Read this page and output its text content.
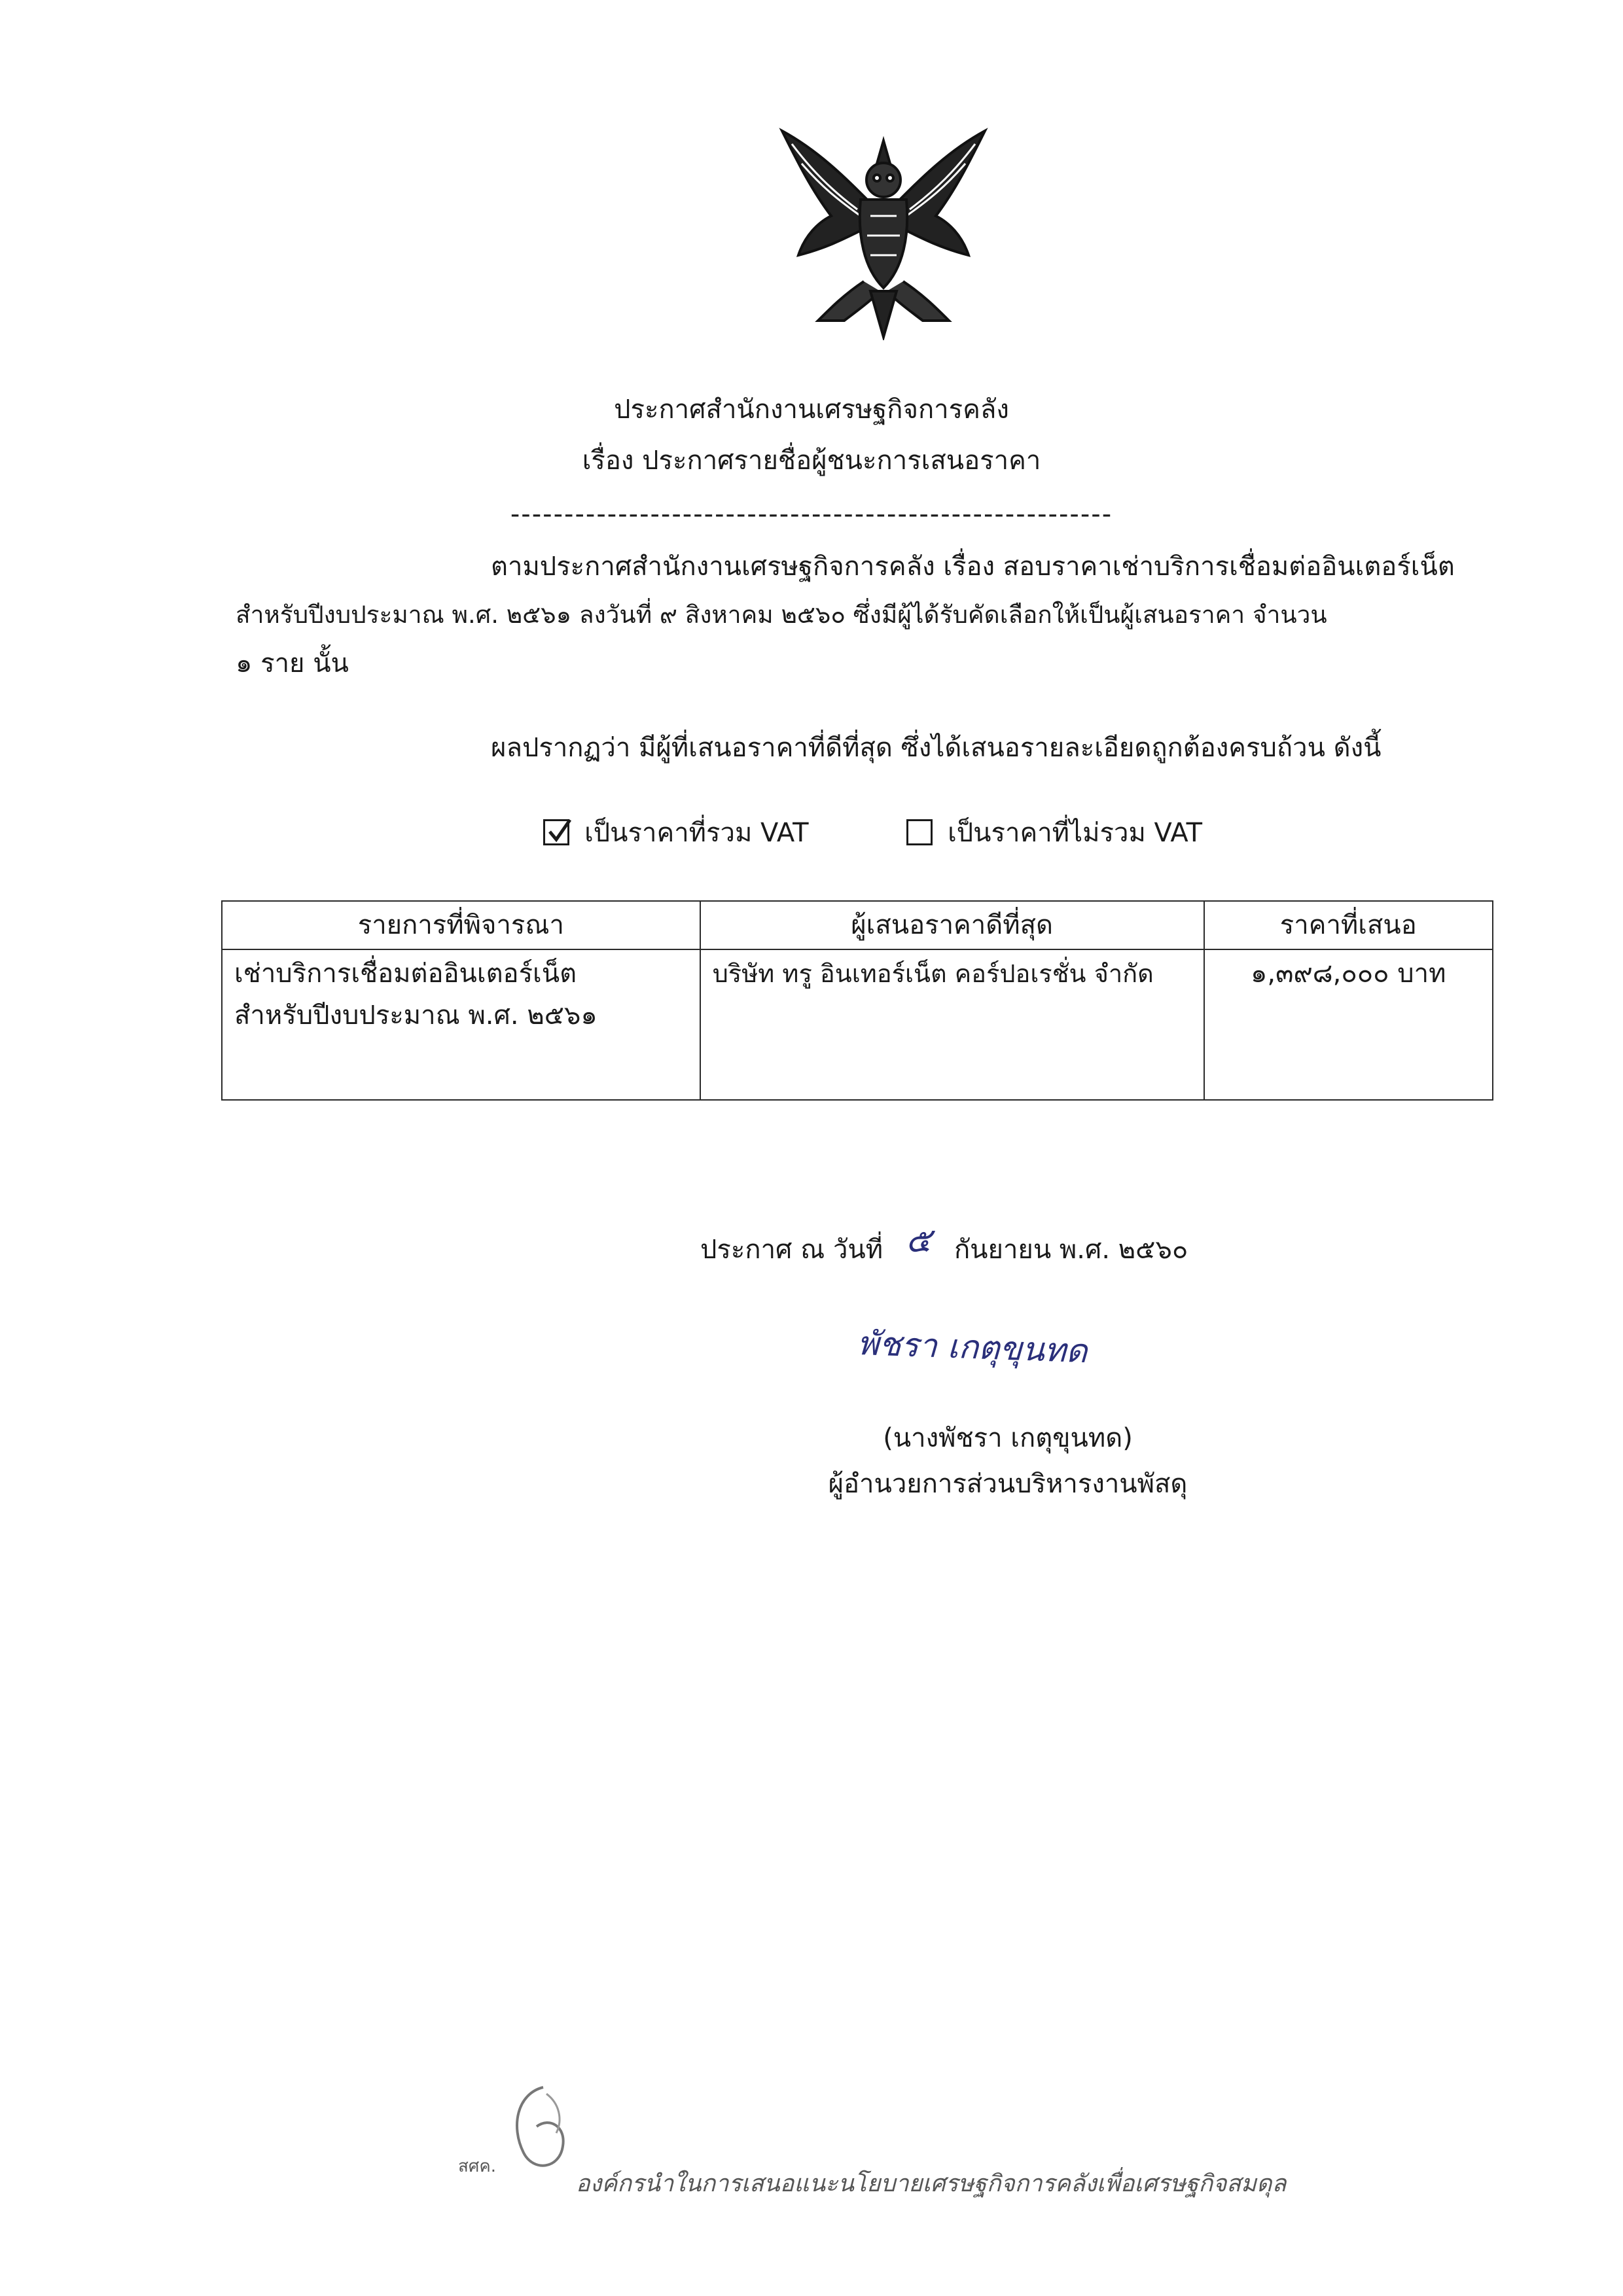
ประกาศสำนักงานเศรษฐกิจการคลัง
เรื่อง ประกาศรายชื่อผู้ชนะการเสนอราคา
--------------------------------------------------------
ตามประกาศสำนักงานเศรษฐกิจการคลัง เรื่อง สอบราคาเช่าบริการเชื่อมต่ออินเตอร์เน็ต
สำหรับปีงบประมาณ พ.ศ. ๒๕๖๑ ลงวันที่ ๙ สิงหาคม ๒๕๖๐ ซึ่งมีผู้ได้รับคัดเลือกให้เป็นผู้เสนอราคา จำนวน
๑ ราย นั้น
ผลปรากฏว่า มีผู้ที่เสนอราคาที่ดีที่สุด ซึ่งได้เสนอรายละเอียดถูกต้องครบถ้วน ดังนี้
เป็นราคาที่รวม VAT	เป็นราคาที่ไม่รวม VAT
รายการที่พิจารณา	ผู้เสนอราคาดีที่สุด	ราคาที่เสนอ

เช่าบริการเชื่อมต่ออินเตอร์เน็ต
สำหรับปีงบประมาณ พ.ศ. ๒๕๖๑	บริษัท ทรู อินเทอร์เน็ต คอร์ปอเรชั่น จำกัด	๑,๓๙๘,๐๐๐ บาท
ประกาศ ณ วันที่ ๕ กันยายน พ.ศ. ๒๕๖๐
พัชรา เกตุขุนทด
(นางพัชรา เกตุขุนทด)
ผู้อำนวยการส่วนบริหารงานพัสดุ
สศค.
องค์กรนำในการเสนอแนะนโยบายเศรษฐกิจการคลังเพื่อเศรษฐกิจสมดุล
